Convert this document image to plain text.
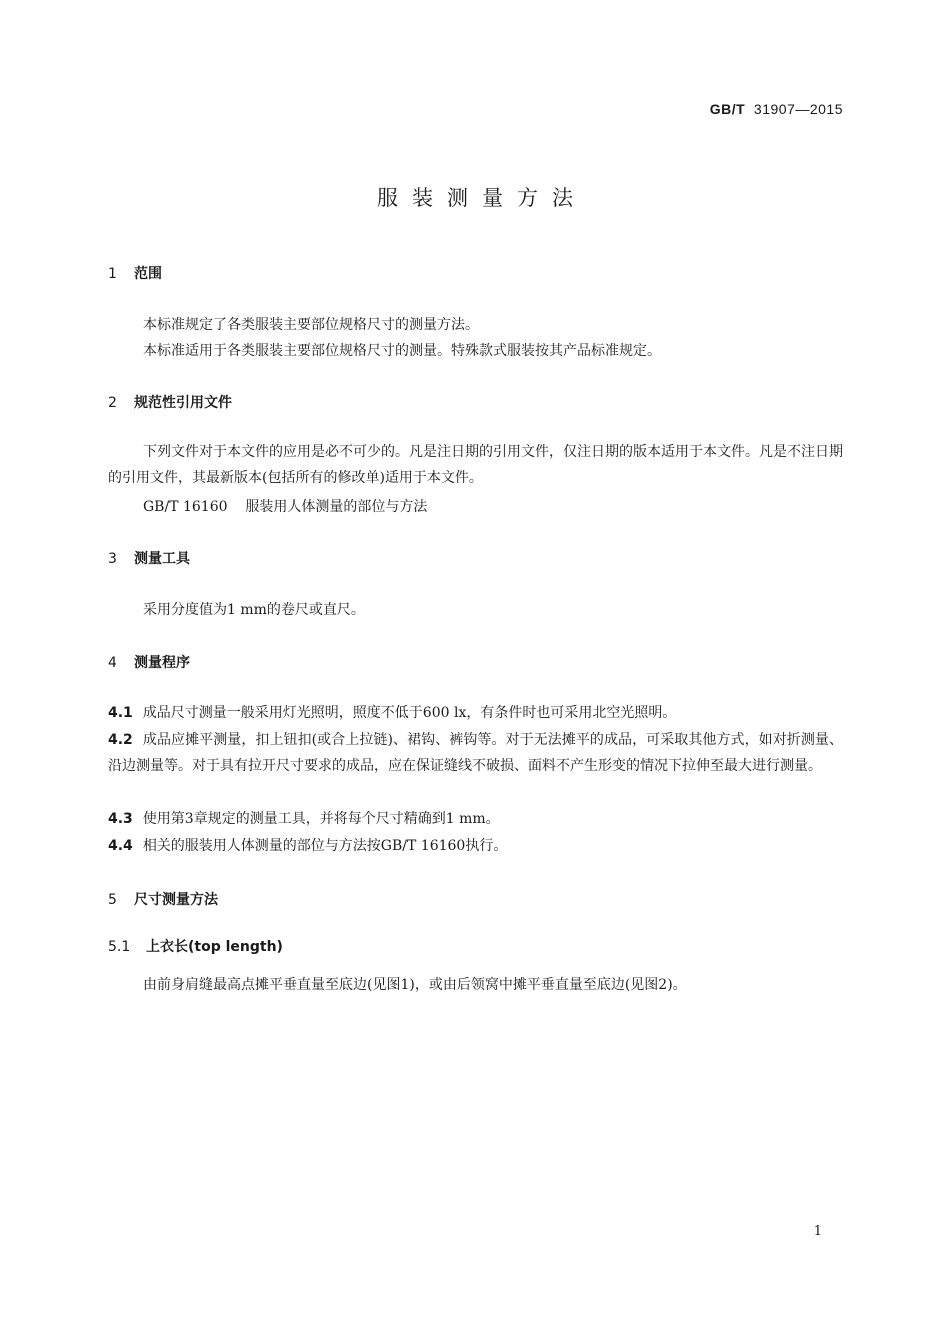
GB/T 31907—2015
服装测量方法
1 范围
本标准规定了各类服装主要部位规格尺寸的测量方法。
本标准适用于各类服装主要部位规格尺寸的测量。特殊款式服装按其产品标准规定。
2 规范性引用文件
下列文件对于本文件的应用是必不可少的。凡是注日期的引用文件，仅注日期的版本适用于本文件。凡是不注日期的引用文件，其最新版本(包括所有的修改单)适用于本文件。
GB/T 16160 服装用人体测量的部位与方法
3 测量工具
采用分度值为1 mm的卷尺或直尺。
4 测量程序
4.1 成品尺寸测量一般采用灯光照明，照度不低于600 lx，有条件时也可采用北空光照明。
4.2 成品应摊平测量，扣上钮扣(或合上拉链)、裙钩、裤钩等。对于无法摊平的成品，可采取其他方式，如对折测量、沿边测量等。对于具有拉开尺寸要求的成品，应在保证缝线不破损、面料不产生形变的情况下拉伸至最大进行测量。
4.3 使用第3章规定的测量工具，并将每个尺寸精确到1 mm。
4.4 相关的服装用人体测量的部位与方法按GB/T 16160执行。
5 尺寸测量方法
5.1 上衣长(top length)
由前身肩缝最高点摊平垂直量至底边(见图1)，或由后领窝中摊平垂直量至底边(见图2)。
1
